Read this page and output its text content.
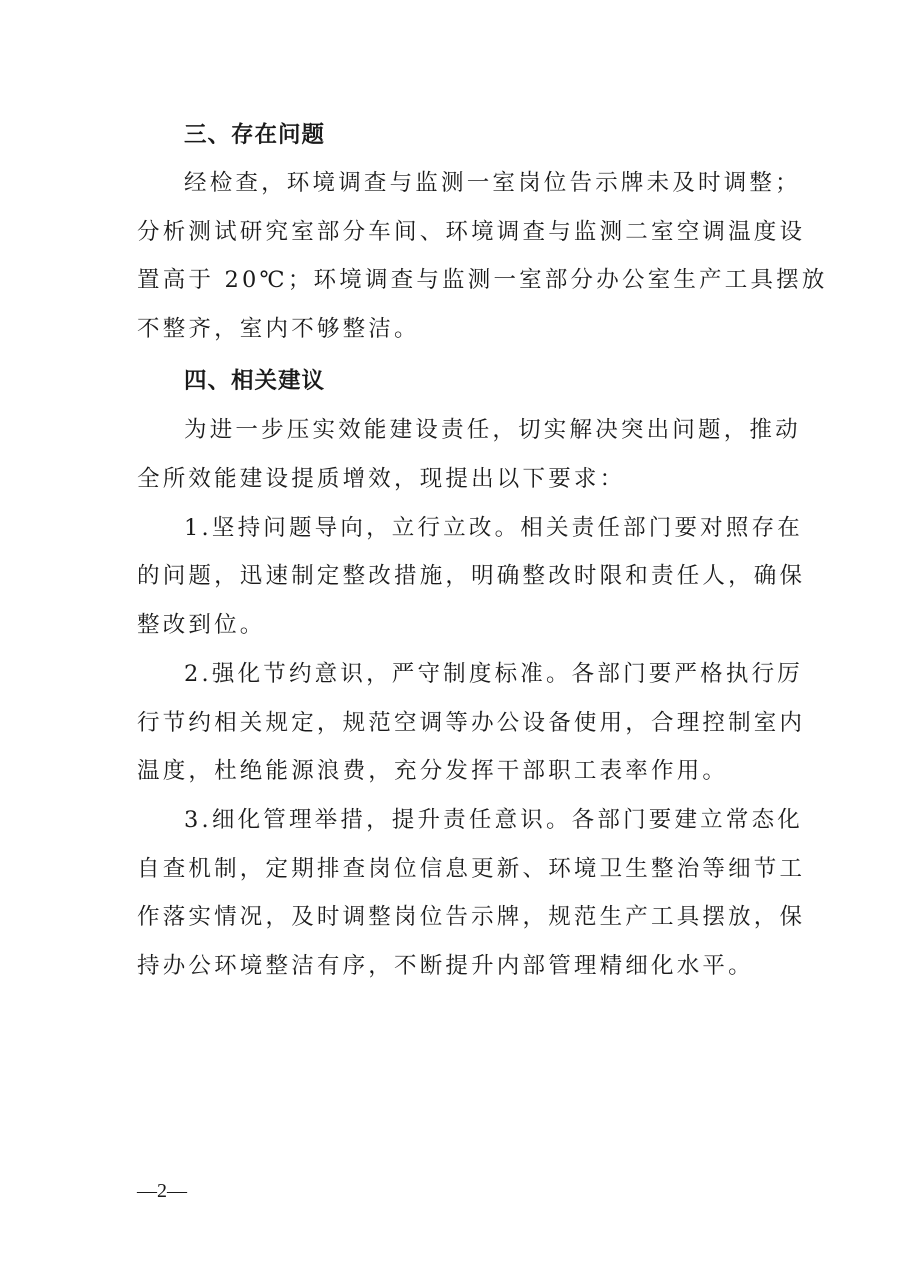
三、存在问题
经检查，环境调查与监测一室岗位告示牌未及时调整；
分析测试研究室部分车间、环境调查与监测二室空调温度设
置高于 20℃；环境调查与监测一室部分办公室生产工具摆放
不整齐，室内不够整洁。
四、相关建议
为进一步压实效能建设责任，切实解决突出问题，推动
全所效能建设提质增效，现提出以下要求：
1.坚持问题导向，立行立改。相关责任部门要对照存在
的问题，迅速制定整改措施，明确整改时限和责任人，确保
整改到位。
2.强化节约意识，严守制度标准。各部门要严格执行厉
行节约相关规定，规范空调等办公设备使用，合理控制室内
温度，杜绝能源浪费，充分发挥干部职工表率作用。
3.细化管理举措，提升责任意识。各部门要建立常态化
自查机制，定期排查岗位信息更新、环境卫生整治等细节工
作落实情况，及时调整岗位告示牌，规范生产工具摆放，保
持办公环境整洁有序，不断提升内部管理精细化水平。
—2—
